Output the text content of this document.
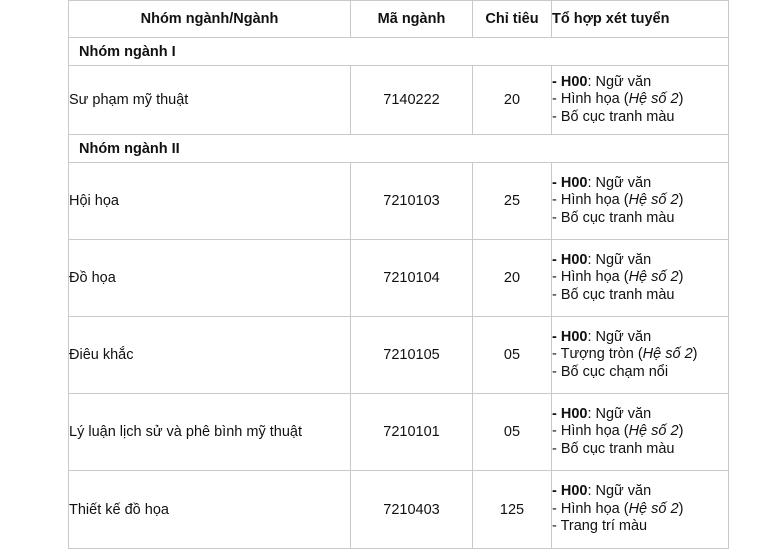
Nhóm ngành/Ngành	Mã ngành	Chỉ tiêu	Tổ hợp xét tuyển
Nhóm ngành I			
Sư phạm mỹ thuật	7140222	20	- H00: Ngữ văn
- Hình họa (Hệ số 2)
- Bố cục tranh màu

Nhóm ngành II			
Hội họa	7210103	25	- H00: Ngữ văn
- Hình họa (Hệ số 2)
- Bố cục tranh màu

Đồ họa	7210104	20	- H00: Ngữ văn
- Hình họa (Hệ số 2)
- Bố cục tranh màu

Điêu khắc	7210105	05	- H00: Ngữ văn
- Tượng tròn (Hệ số 2)
- Bố cục chạm nổi

Lý luận lịch sử và phê bình mỹ thuật	7210101	05	- H00: Ngữ văn
- Hình họa (Hệ số 2)
- Bố cục tranh màu

Thiết kế đồ họa	7210403	125	- H00: Ngữ văn
- Hình họa (Hệ số 2)
- Trang trí màu
